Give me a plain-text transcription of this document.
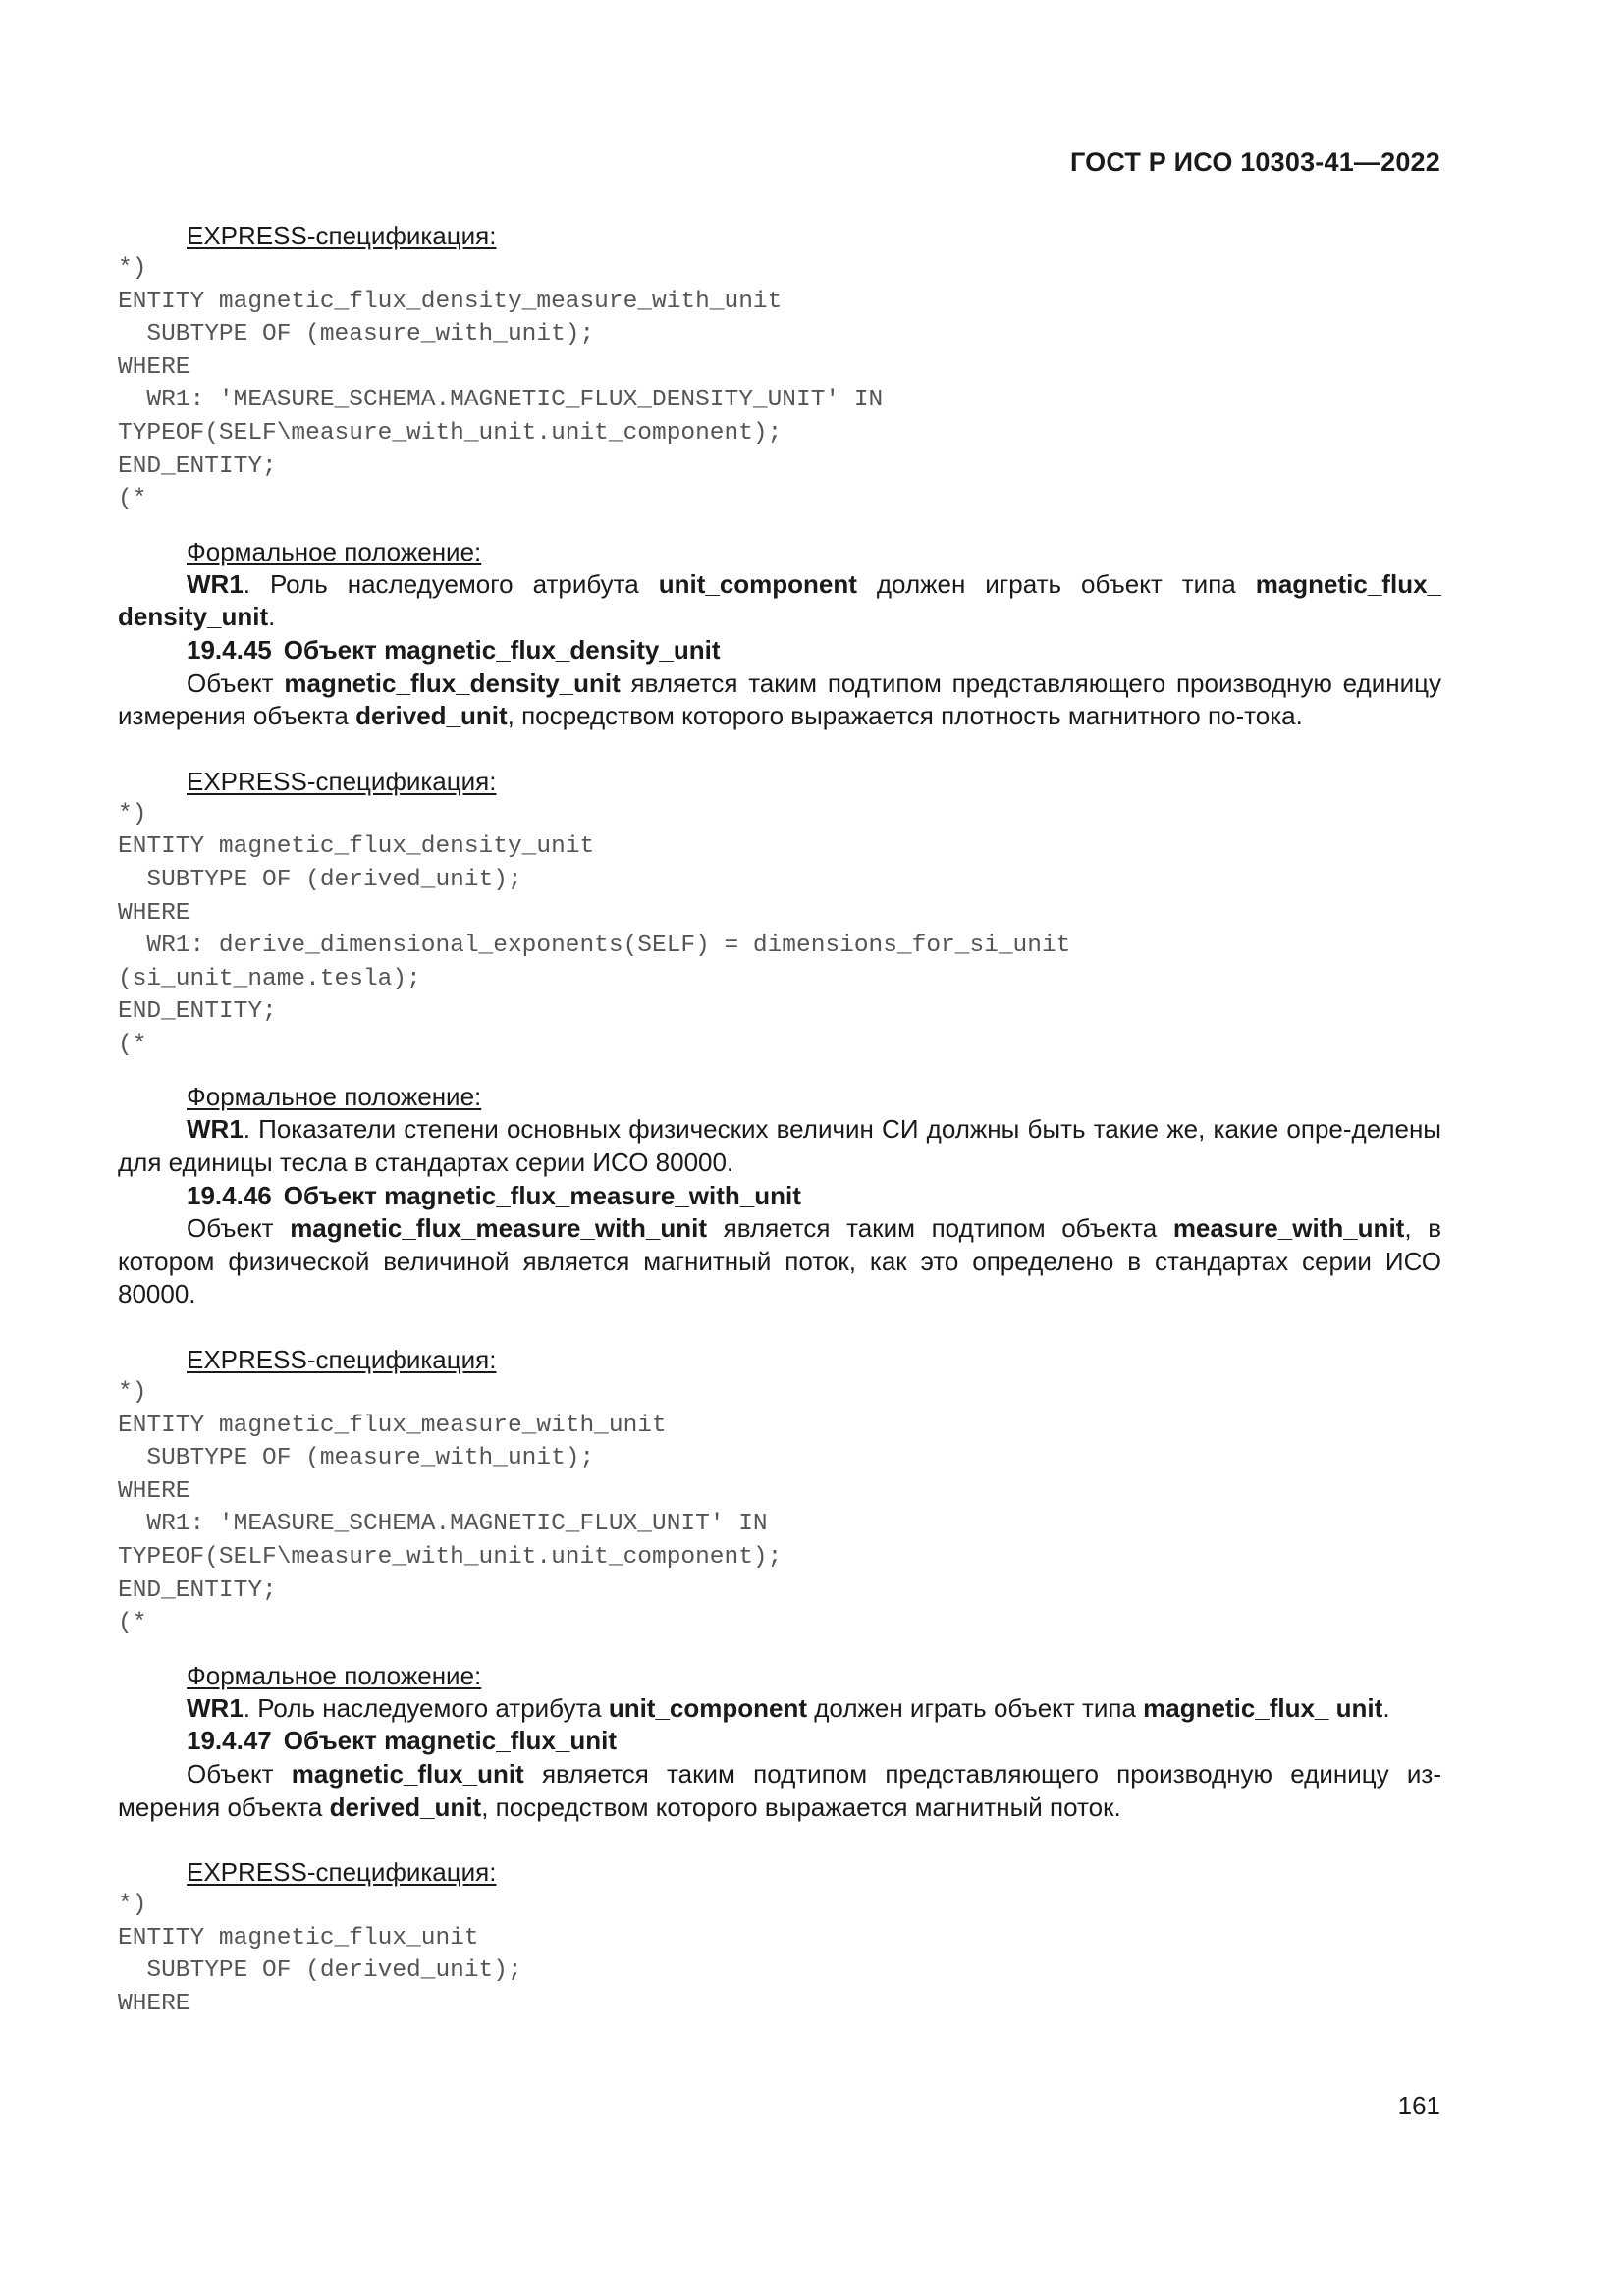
ГОСТ Р ИСО 10303-41—2022

EXPRESS-спецификация:

*)
ENTITY magnetic_flux_density_measure_with_unit
SUBTYPE OF (measure_with_unit);
WHERE
WR1: 'MEASURE_SCHEMA.MAGNETIC_FLUX_DENSITY_UNIT' IN
TYPEOF(SELF\measure_with_unit.unit_component);
END_ENTITY;
(*

Формальное положение:

WR1. Роль наследуемого атрибута unit_component должен играть объект типа magnetic_flux_ density_unit.

19.4.45 Объект magnetic_flux_density_unit

Объект magnetic_flux_density_unit является таким подтипом представляющего производную единицу измерения объекта derived_unit, посредством которого выражается плотность магнитного по-тока.

EXPRESS-спецификация:

*)
ENTITY magnetic_flux_density_unit
SUBTYPE OF (derived_unit);
WHERE
WR1: derive_dimensional_exponents(SELF) = dimensions_for_si_unit
(si_unit_name.tesla);
END_ENTITY;
(*

Формальное положение:

WR1. Показатели степени основных физических величин СИ должны быть такие же, какие опре-делены для единицы тесла в стандартах серии ИСО 80000.

19.4.46 Объект magnetic_flux_measure_with_unit

Объект magnetic_flux_measure_with_unit является таким подтипом объекта measure_with_unit, в котором физической величиной является магнитный поток, как это определено в стандартах серии ИСО 80000.

EXPRESS-спецификация:

*)
ENTITY magnetic_flux_measure_with_unit
SUBTYPE OF (measure_with_unit);
WHERE
WR1: 'MEASURE_SCHEMA.MAGNETIC_FLUX_UNIT' IN
TYPEOF(SELF\measure_with_unit.unit_component);
END_ENTITY;
(*

Формальное положение:

WR1. Роль наследуемого атрибута unit_component должен играть объект типа magnetic_flux_ unit.

19.4.47 Объект magnetic_flux_unit

Объект magnetic_flux_unit является таким подтипом представляющего производную единицу из-мерения объекта derived_unit, посредством которого выражается магнитный поток.

EXPRESS-спецификация:

*)
ENTITY magnetic_flux_unit
SUBTYPE OF (derived_unit);
WHERE
161
